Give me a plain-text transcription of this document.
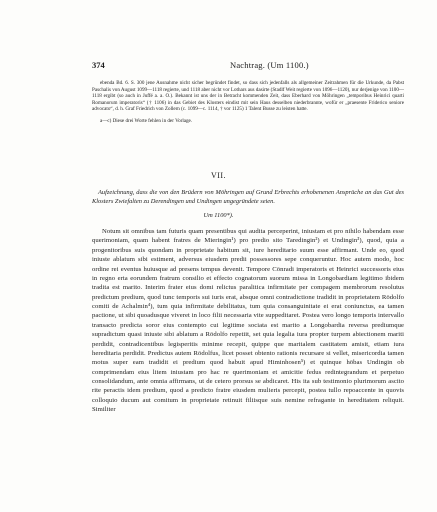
374	Nachtrag. (Um 1100.)

ebenda Bd. 6. S. 300 jene Ausnahme nicht sicher begründet findet, so dass sich jedenfalls als allgemeiner Zeitrahmen für die Urkunde, da Pabst Paschalis von August 1099—1118 regierte, und 1118 aber nicht vor Lothars aus dasirte (Stadlf Weit regierte von 1096—1120), nur derjenige von 1100—1118 ergibt (so auch in Juffé a. a. O.). Bekannt ist uns der in Betracht kommenden Zeit, dass Eberhard von Möhringen „temporibus Heinrici quarti Romanorum imperatoris“ († 1106) in das Gebiet des Klosters eindist mit sein Haus desselben niederbrannte, wofür er „praesente Friderico seniore advocato“, d. h. Graf Friedrich von Zollern (c. 1099—c. 1114, † vor 1125) 1 Talent Busse zu leisten hatte.

a—c) Diese drei Worte fehlen in der Vorlage.

VII.

Aufzeichnung, dass die von den Brüdern von Möhringen auf Grund Erbrechts erhobenenen Ansprüche an das Gut des Klosters Zwiefalten zu Derendingen und Undingen ungegründete seien.

Um 1100*).

Notum sit omnibus tam futuris quam presentibus qui audita perceperint, iniustam et pro nihilo habendam esse querimoniam, quam habent fratres de Mieringin¹) pro predio sito Taredingin²) et Undingin³), quod, quia a progenitoribus suis quondam in proprietate habitum sit, iure hereditario suum esse affirmant. Unde eo, quod iniuste ablatum sibi estiment, adversus eiusdem predii possessores sepe conqueruntur. Hoc autem modo, hoc ordine rei eventus huiusque ad presens tempus devenit. Tempore Cōnradi imperatoris et Heinrici successoris eius in regno erta eorundem fratrum consilio et effecto cognatorum suorum missa in Longobardiam legitimo ibidem tradita est marito. Interim frater eius domi relictus paralitica infirmitate per compagem membrorum resolutus predictum predium, quod tunc temporis sui iuris erat, absque omni contradictione tradidit in proprietatem Rōdolfo comiti de Achalmin⁴), tum quia infirmitate debilitatus, tum quia consanguinitate ei erat coniunctus, ea tamen pactione, ut sibi quoadusque viveret in loco filii necessaria vite suppeditaret. Postea vero longo temporis intervallo transacto predicta soror eius contempto cui legitime sociata est marito a Longobardia reversa prediumque supradictum quasi iniuste sibi ablatum a Rōdolfo repetiit, set quia legalia iura propter turpem abiectionem mariti perdidit, contradicentibus legisperitis minime recepit, quippe que maritalem castitatem amisit, etiam iura hereditaria perdidit. Predictus autem Rōdolfus, licet posset obtento rationis recursare si vellet, misericordia tamen motus super eam tradidit ei predium quod habuit apud Himinhosen⁵) et quinque hōbas Undingin ob comprimendam eius litem iniustam pro hac re querimoniam et amicitie fedus redintegrandum et perpetuo consolidandum, ante omnia affirmans, ut de cetero prorsus se abdicaret. His ita sub testimonio plurimorum ascito rite peractis idem predium, quod a predicto fratre eiusdem mulieris percepit, postea tullo repoaccente in quovis colloquio ducum aut comitum in proprietate retinuit filiisque suis nemine refragante in hereditatem reliquit. Similiter
